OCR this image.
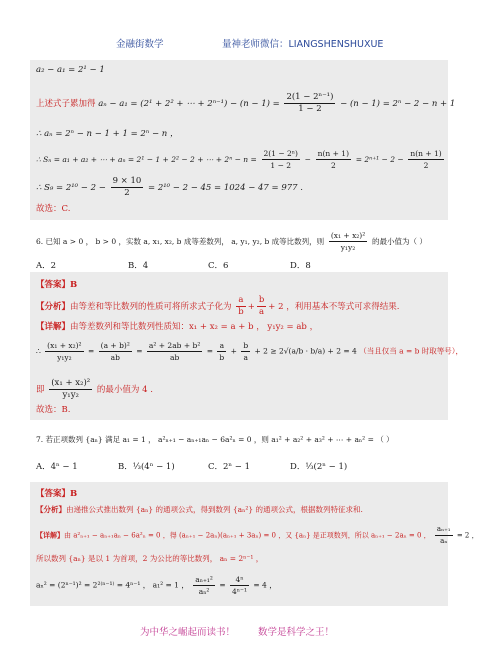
金融街数学	量神老师微信：LIANGSHENSHUXUE
a₂ − a₁ = 2¹ − 1
上述式子累加得 aₙ − a₁ = (2¹ + 2² + ⋯ + $2^{n-1}) - (n - 1) = \frac{\text{2(1 − 2ⁿ⁻¹)}}{1 - 2} - (n - 1) = 2^n - 2 - n + 1$
∴ aₙ = 2ⁿ − n − 1 + 1 = 2ⁿ − n ，
∴ Sₙ = a₁ + a₂ + ⋯ + aₙ = 2¹ − 1 + 2² − 2 + ⋯ + $2^n - n = \frac{\text{2(1 − 2ⁿ)}}{1 - 2} - \frac{n(n + 1)}{2} = 2^{n+1} - 2 - \frac{n(n + 1)}{2}$
∴ $S_9 = 2^{10} - 2 - \frac{9 \times 10}{2} = 2^{10} - 2 - 45 = 1024 - 47 = 977$ .
故选：C.
6. 已知 a > 0 ， b > 0 ，实数 a, x₁, x₂, b 成等差数列， a, y₁, y₂, b 成等比数列，则 $\frac{\text{(x₁ + x₂)²}}{\text{y₁y₂}}$ 的最小值为（ ）
A．2	B．4	C．6	D．8
【答案】B
【分析】由等差和等比数列的性质可将所求式子化为 $\frac{a}{b} + \frac{b}{a} + 2$ ，利用基本不等式可求得结果.
【详解】由等差数列和等比数列性质知：x₁ + x₂ = a + b ， y₁y₂ = ab ，
∴ $\frac{\text{(x₁ + x₂)²}}{\text{y₁y₂}} = \frac{\text{(a + b)²}}{ab} = \frac{\text{a² + 2ab + b²}}{ab} = \frac{a}{b} + \frac{b}{a} + 2 \ge 2√(a/b \cdot b/a) + 2 = 4$ （当且仅当 a = b 时取等号），
即 $\frac{\text{(x₁ + x₂)²}}{\text{y₁y₂}}$ 的最小值为 4 .
故选：B.
7. 若正项数列 {aₙ} 满足 a₁ = 1 ， a²ₙ₊₁ − aₙ₊₁aₙ − 6a²ₙ = 0 ，则 a₁² + a₂² + a₃² + ⋯ + aₙ² = （ ）
A．4ⁿ − 1	B．⅓(4ⁿ − 1)	C．2ⁿ − 1	D．⅓(2ⁿ − 1)
【答案】B
【分析】由递推公式推出数列 {aₙ} 的通项公式，得到数列 {aₙ²} 的通项公式，根据数列特征求和.
【详解】由 a²ₙ₊₁ − aₙ₊₁aₙ − 6a²ₙ = 0 ，得 (aₙ₊₁ − 2aₙ)(aₙ₊₁ + 3aₙ) = 0 ，又 {aₙ} 是正项数列，所以 aₙ₊₁ − 2aₙ = 0 ， $\frac{\text{aₙ₊₁}}{\text{aₙ}} = 2$ ，
所以数列 {aₙ} 是以 1 为首项，2 为公比的等比数列， aₙ = 2ⁿ⁻¹ ，
aₙ² = (2ⁿ⁻¹)² = 2²⁽ⁿ⁻¹⁾ = 4ⁿ⁻¹ ， a₁² = 1 ， $\frac{\text{aₙ₊₁²}}{\text{aₙ²}} = \frac{\text{4ⁿ}}{\text{4ⁿ⁻¹}} = 4$ ，
为中华之崛起而读书！ 数学是科学之王！
